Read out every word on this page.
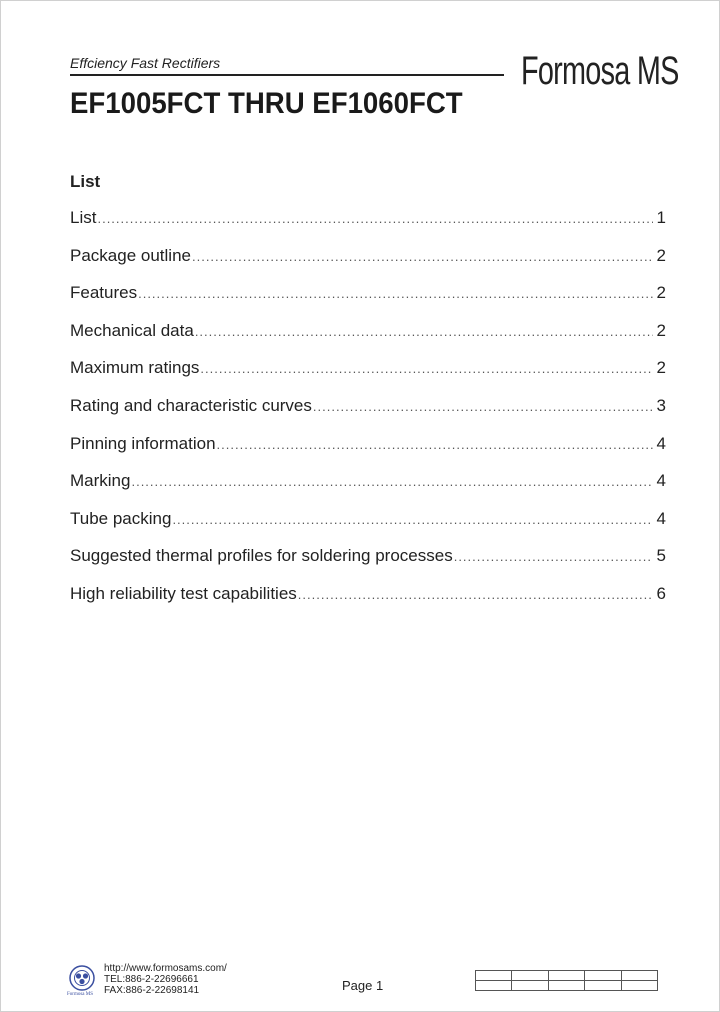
Effciency Fast Rectifiers	Formosa MS
EF1005FCT THRU EF1060FCT
List
List .....	1
Package outline .....	2
Features .....	2
Mechanical data .....	2
Maximum ratings .....	2
Rating and characteristic curves .....	3
Pinning information .....	4
Marking .....	4
Tube packing .....	4
Suggested thermal profiles for soldering processes .....	5
High reliability test capabilities .....	6
Formosa MS
http://www.formosams.com/
TEL:886-2-22696661
FAX:886-2-22698141	Page 1
